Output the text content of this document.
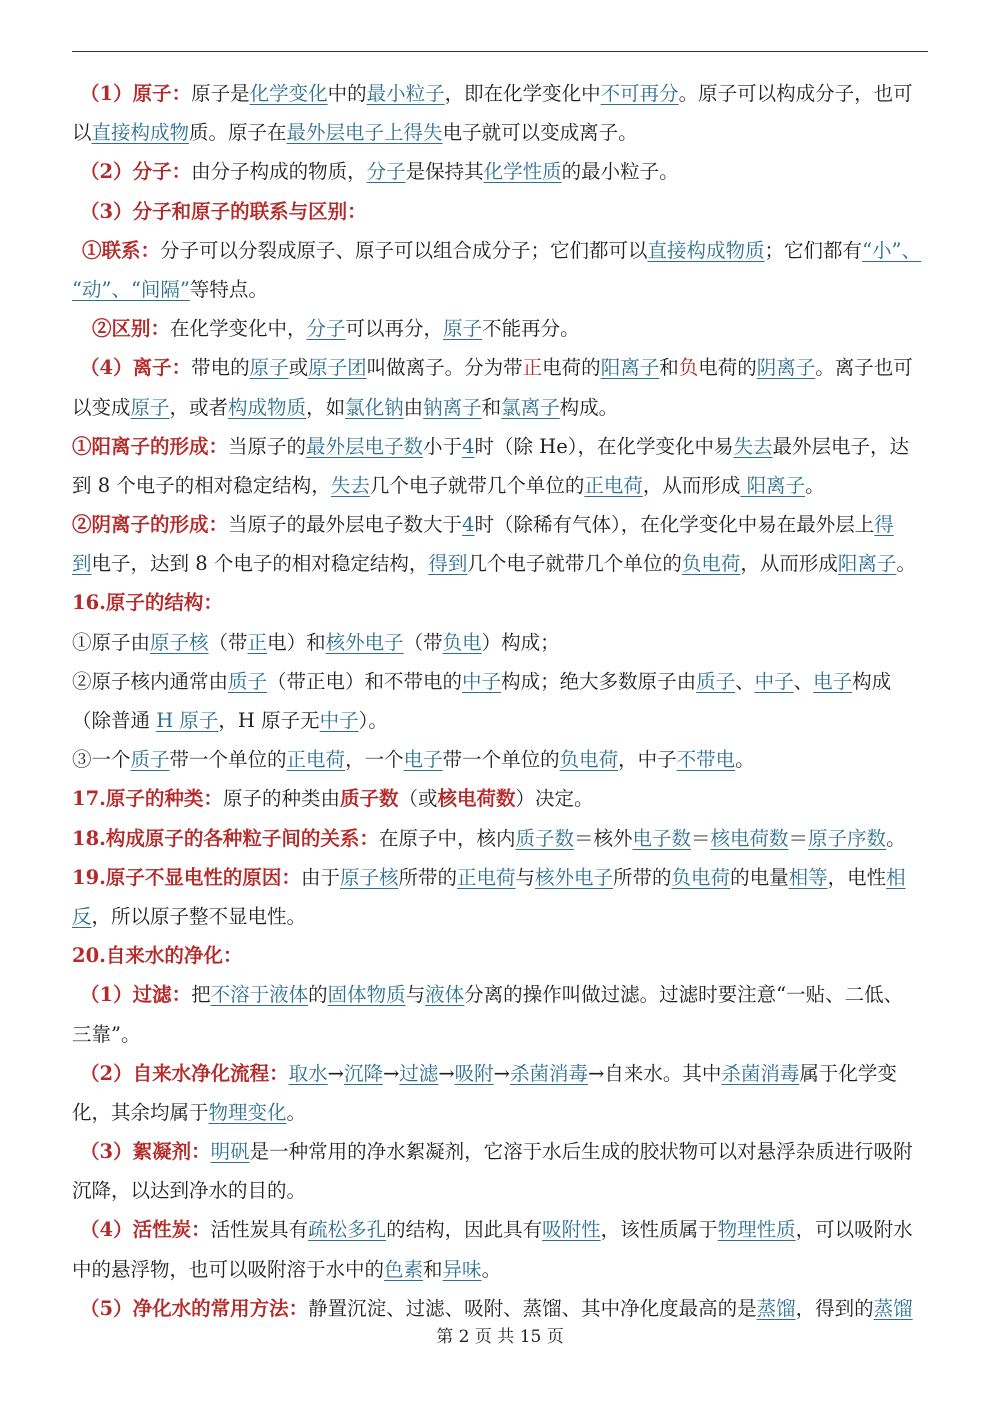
（1）原子：原子是化学变化中的最小粒子，即在化学变化中不可再分。原子可以构成分子，也可
以直接构成物质。原子在最外层电子上得失电子就可以变成离子。
（2）分子：由分子构成的物质，分子是保持其化学性质的最小粒子。
（3）分子和原子的联系与区别：
①联系：分子可以分裂成原子、原子可以组合成分子；它们都可以直接构成物质；它们都有“小”、
“动”、“间隔”等特点。
②区别：在化学变化中，分子可以再分，原子不能再分。
（4）离子：带电的原子或原子团叫做离子。分为带正电荷的阳离子和负电荷的阴离子。离子也可
以变成原子，或者构成物质，如氯化钠由钠离子和氯离子构成。
①阳离子的形成：当原子的最外层电子数小于4时（除 He），在化学变化中易失去最外层电子，达
到 8 个电子的相对稳定结构，失去几个电子就带几个单位的正电荷，从而形成 阳离子。
②阴离子的形成：当原子的最外层电子数大于4时（除稀有气体），在化学变化中易在最外层上得
到电子，达到 8 个电子的相对稳定结构，得到几个电子就带几个单位的负电荷，从而形成阳离子。
16.原子的结构：
①原子由原子核（带正电）和核外电子（带负电）构成；
②原子核内通常由质子（带正电）和不带电的中子构成；绝大多数原子由质子、中子、电子构成
（除普通 H 原子，H 原子无中子）。
③一个质子带一个单位的正电荷，一个电子带一个单位的负电荷，中子不带电。
17.原子的种类：原子的种类由质子数（或核电荷数）决定。
18.构成原子的各种粒子间的关系：在原子中，核内质子数＝核外电子数＝核电荷数＝原子序数。
19.原子不显电性的原因：由于原子核所带的正电荷与核外电子所带的负电荷的电量相等，电性相
反，所以原子整不显电性。
20.自来水的净化：
（1）过滤：把不溶于液体的固体物质与液体分离的操作叫做过滤。过滤时要注意“一贴、二低、
三靠”。
（2）自来水净化流程：取水→沉降→过滤→吸附→杀菌消毒→自来水。其中杀菌消毒属于化学变
化，其余均属于物理变化。
（3）絮凝剂：明矾是一种常用的净水絮凝剂，它溶于水后生成的胶状物可以对悬浮杂质进行吸附
沉降，以达到净水的目的。
（4）活性炭：活性炭具有疏松多孔的结构，因此具有吸附性，该性质属于物理性质，可以吸附水
中的悬浮物，也可以吸附溶于水中的色素和异味。
（5）净化水的常用方法：静置沉淀、过滤、吸附、蒸馏、其中净化度最高的是蒸馏，得到的蒸馏
第 2 页 共 15 页
